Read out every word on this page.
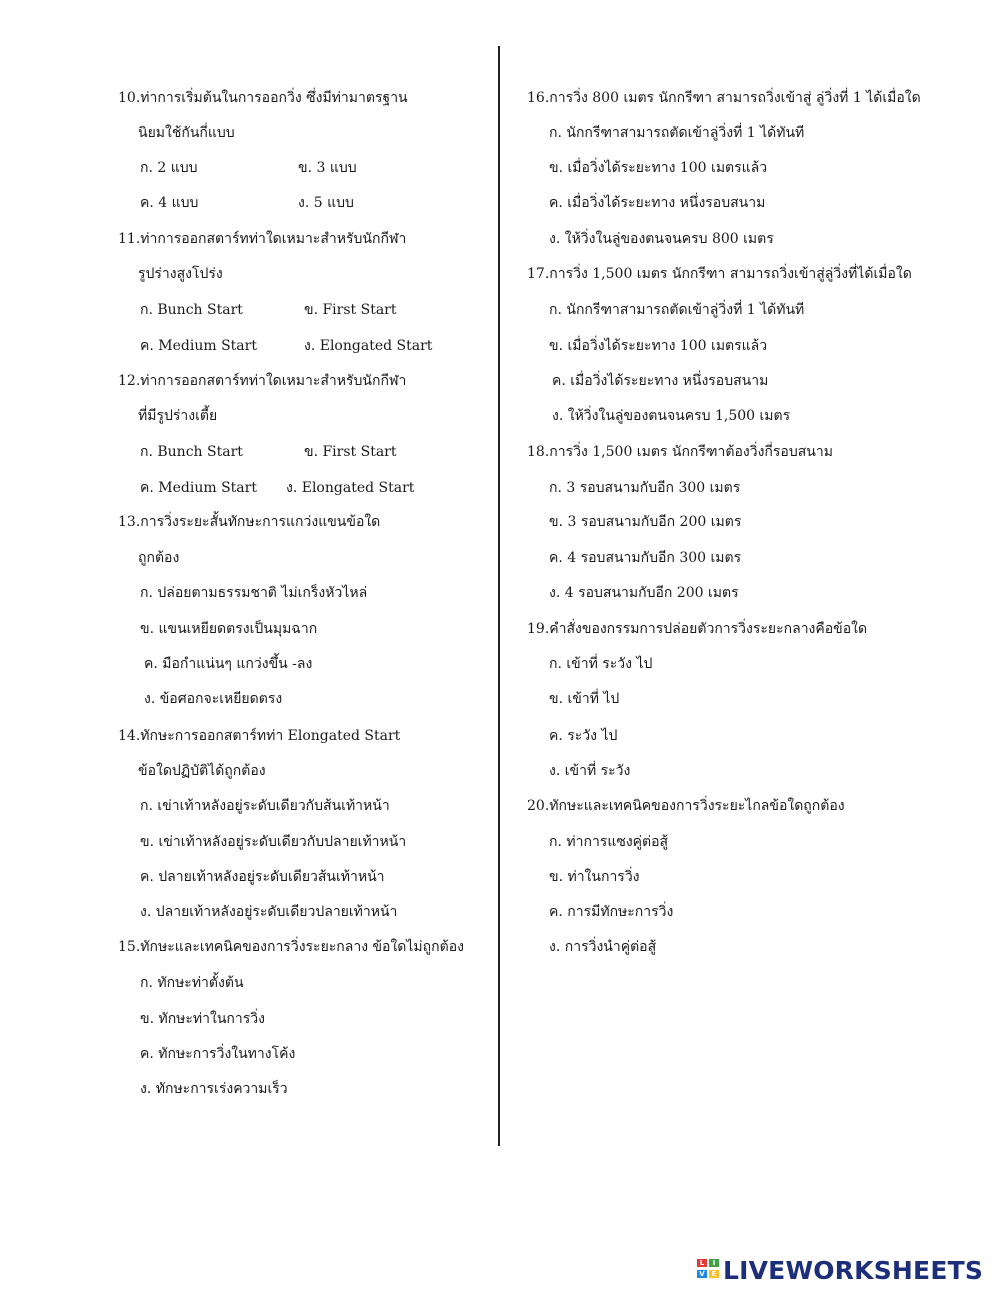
10.ท่าการเริ่มต้นในการออกวิ่ง ซึ่งมีท่ามาตรฐาน
นิยมใช้กันกี่แบบ
ก. 2 แบบ	ข. 3 แบบ
ค. 4 แบบ	ง. 5 แบบ
11.ท่าการออกสตาร์ทท่าใดเหมาะสำหรับนักกีฬา
รูปร่างสูงโปร่ง
ก. Bunch Start	ข. First Start
ค. Medium Start	ง. Elongated Start
12.ท่าการออกสตาร์ทท่าใดเหมาะสำหรับนักกีฬา
ที่มีรูปร่างเตี้ย
ก. Bunch Start	ข. First Start
ค. Medium Start ง. Elongated Start
13.การวิ่งระยะสั้นทักษะการแกว่งแขนข้อใด
ถูกต้อง
ก. ปล่อยตามธรรมชาติ ไม่เกร็งหัวไหล่
ข. แขนเหยียดตรงเป็นมุมฉาก
ค. มือกำแน่นๆ แกว่งขึ้น -ลง
ง. ข้อศอกจะเหยียดตรง
14.ทักษะการออกสตาร์ทท่า Elongated Start
ข้อใดปฏิบัติได้ถูกต้อง
ก. เข่าเท้าหลังอยู่ระดับเดียวกับส้นเท้าหน้า
ข. เข่าเท้าหลังอยู่ระดับเดียวกับปลายเท้าหน้า
ค. ปลายเท้าหลังอยู่ระดับเดียวส้นเท้าหน้า
ง. ปลายเท้าหลังอยู่ระดับเดียวปลายเท้าหน้า
15.ทักษะและเทคนิคของการวิ่งระยะกลาง ข้อใดไม่ถูกต้อง
ก. ทักษะท่าตั้งต้น
ข. ทักษะท่าในการวิ่ง
ค. ทักษะการวิ่งในทางโค้ง
ง. ทักษะการเร่งความเร็ว
16.การวิ่ง 800 เมตร นักกรีฑา สามารถวิ่งเข้าสู่ ลู่วิ่งที่ 1 ได้เมื่อใด
ก. นักกรีฑาสามารถตัดเข้าลู่วิ่งที่ 1 ได้ทันที
ข. เมื่อวิ่งได้ระยะทาง 100 เมตรแล้ว
ค. เมื่อวิ่งได้ระยะทาง หนึ่งรอบสนาม
ง. ให้วิ่งในลู่ของตนจนครบ 800 เมตร
17.การวิ่ง 1,500 เมตร นักกรีฑา สามารถวิ่งเข้าสู่ลู่วิ่งที่ได้เมื่อใด
ก. นักกรีฑาสามารถตัดเข้าลู่วิ่งที่ 1 ได้ทันที
ข. เมื่อวิ่งได้ระยะทาง 100 เมตรแล้ว
ค. เมื่อวิ่งได้ระยะทาง หนึ่งรอบสนาม
ง. ให้วิ่งในลู่ของตนจนครบ 1,500 เมตร
18.การวิ่ง 1,500 เมตร นักกรีฑาต้องวิ่งกี่รอบสนาม
ก. 3 รอบสนามกับอีก 300 เมตร
ข. 3 รอบสนามกับอีก 200 เมตร
ค. 4 รอบสนามกับอีก 300 เมตร
ง. 4 รอบสนามกับอีก 200 เมตร
19.คำสั่งของกรรมการปล่อยตัวการวิ่งระยะกลางคือข้อใด
ก. เข้าที่ ระวัง ไป
ข. เข้าที่ ไป
ค. ระวัง ไป
ง. เข้าที่ ระวัง
20.ทักษะและเทคนิคของการวิ่งระยะไกลข้อใดถูกต้อง
ก. ท่าการแซงคู่ต่อสู้
ข. ท่าในการวิ่ง
ค. การมีทักษะการวิ่ง
ง. การวิ่งนำคู่ต่อสู้
L	I
V E LIVEWORKSHEETS
